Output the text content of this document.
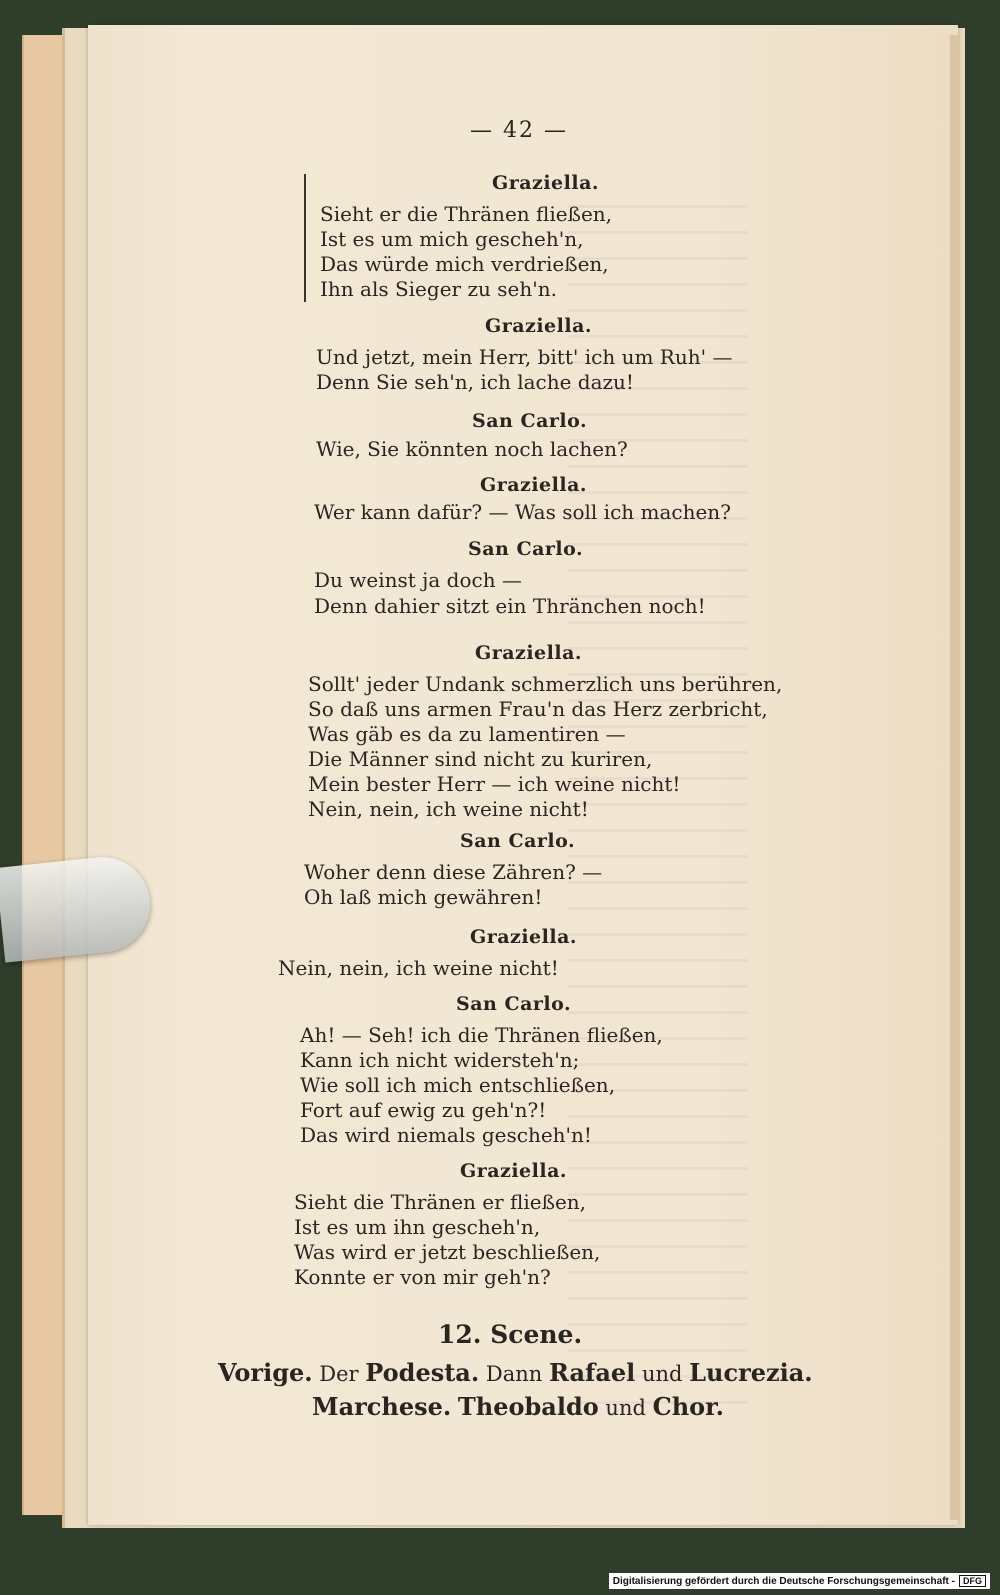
— 42 —
Graziella.
Sieht er die Thränen fließen,
Ist es um mich gescheh'n,
Das würde mich verdrießen,
Ihn als Sieger zu seh'n.
Graziella.
Und jetzt, mein Herr, bitt' ich um Ruh' —
Denn Sie seh'n, ich lache dazu!
San Carlo.
Wie, Sie könnten noch lachen?
Graziella.
Wer kann dafür? — Was soll ich machen?
San Carlo.
Du weinst ja doch —
Denn dahier sitzt ein Thränchen noch!
Graziella.
Sollt' jeder Undank schmerzlich uns berühren,
So daß uns armen Frau'n das Herz zerbricht,
Was gäb es da zu lamentiren —
Die Männer sind nicht zu kuriren,
Mein bester Herr — ich weine nicht!
Nein, nein, ich weine nicht!
San Carlo.
Woher denn diese Zähren? —
Oh laß mich gewähren!
Graziella.
Nein, nein, ich weine nicht!
San Carlo.
Ah! — Seh! ich die Thränen fließen,
Kann ich nicht widersteh'n;
Wie soll ich mich entschließen,
Fort auf ewig zu geh'n?!
Das wird niemals gescheh'n!
Graziella.
Sieht die Thränen er fließen,
Ist es um ihn gescheh'n,
Was wird er jetzt beschließen,
Konnte er von mir geh'n?
12. Scene.
Vorige. Der Podesta. Dann Rafael und Lucrezia.
Marchese. Theobaldo und Chor.
Digitalisierung gefördert durch die Deutsche Forschungsgemeinschaft - DFG
